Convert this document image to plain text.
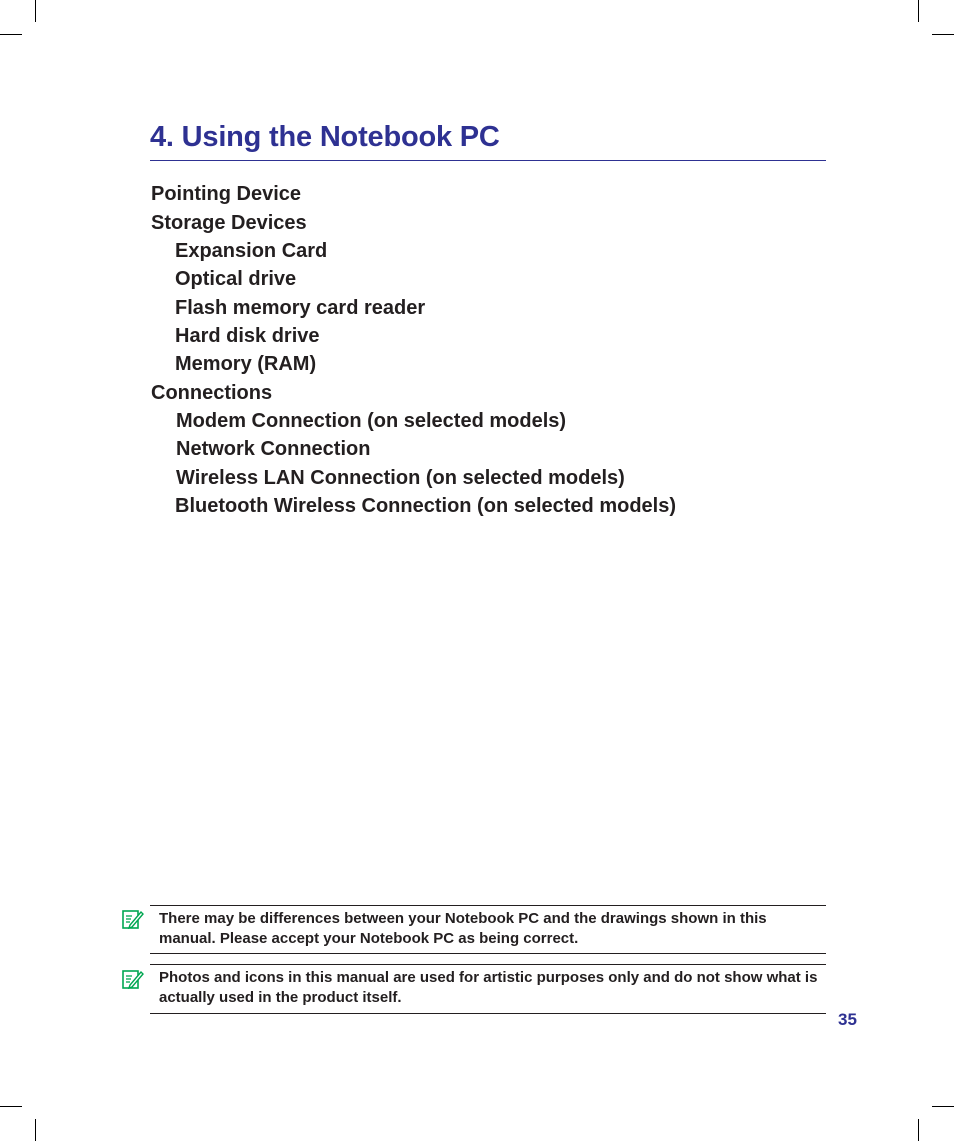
4. Using the Notebook PC
Pointing Device
Storage Devices
Expansion Card
Optical drive
Flash memory card reader
Hard disk drive
Memory (RAM)
Connections
Modem Connection (on selected models)
Network Connection
Wireless LAN Connection (on selected models)
Bluetooth Wireless Connection (on selected models)
There may be differences between your Notebook PC and the drawings shown in this manual. Please accept your Notebook PC as being correct.
Photos and icons in this manual are used for artistic purposes only and do not show what is actually used in the product itself.
35
